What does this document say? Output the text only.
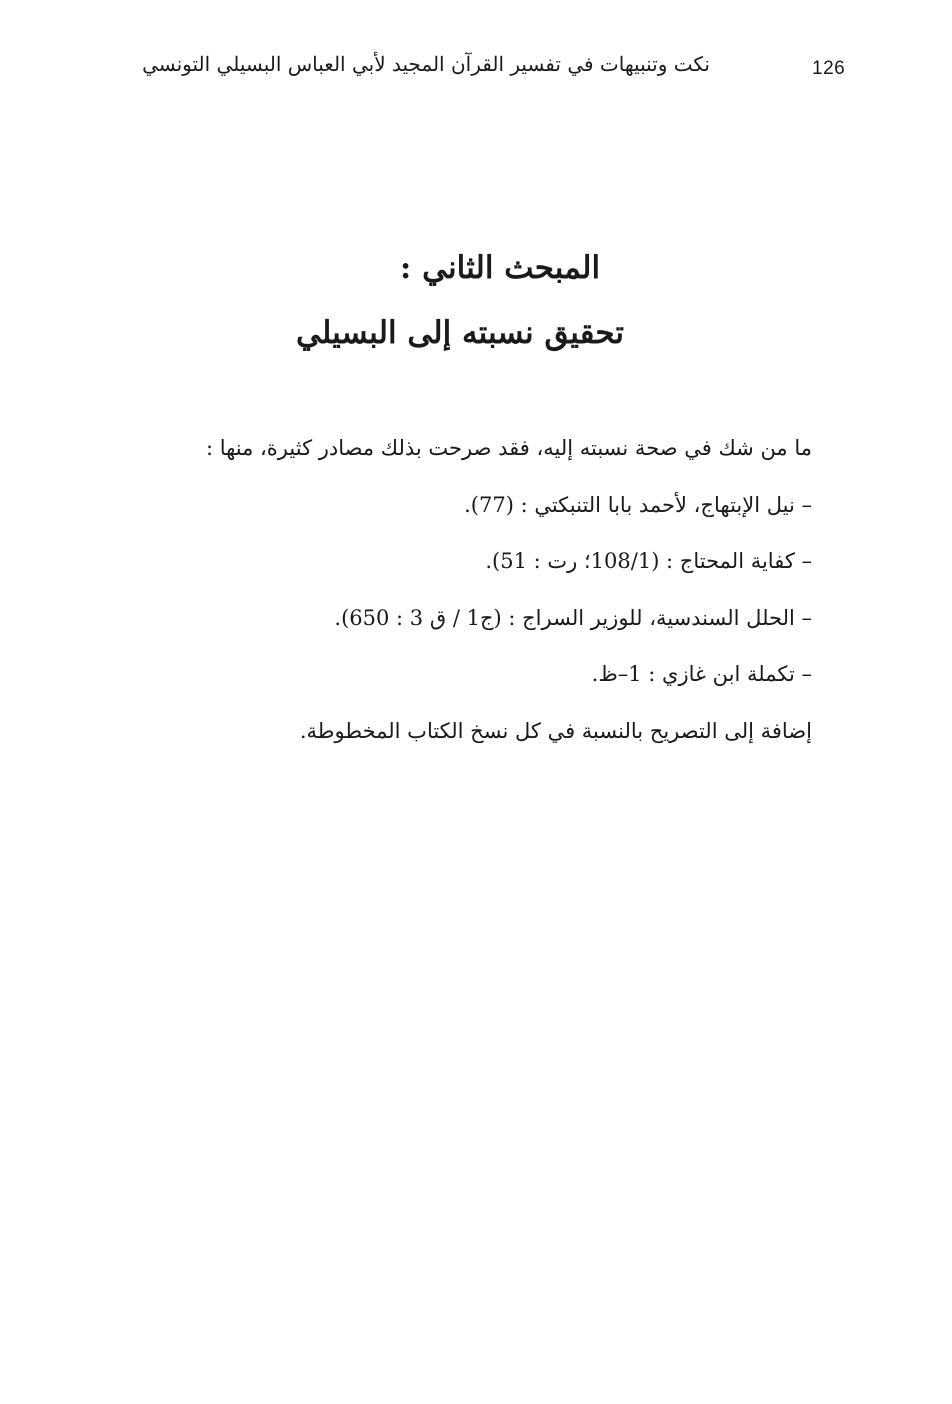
126
نكت وتنبيهات في تفسير القرآن المجيد لأبي العباس البسيلي التونسي
المبحث الثاني :
تحقيق نسبته إلى البسيلي

ما من شك في صحة نسبته إليه، فقد صرحت بذلك مصادر كثيرة، منها :

– نيل الإبتهاج، لأحمد بابا التنبكتي : (77).

– كفاية المحتاج : (108/1؛ رت : 51).

– الحلل السندسية، للوزير السراج : (ج1 / ق 3 : 650).

– تكملة ابن غازي : 1–ظ.

إضافة إلى التصريح بالنسبة في كل نسخ الكتاب المخطوطة.
